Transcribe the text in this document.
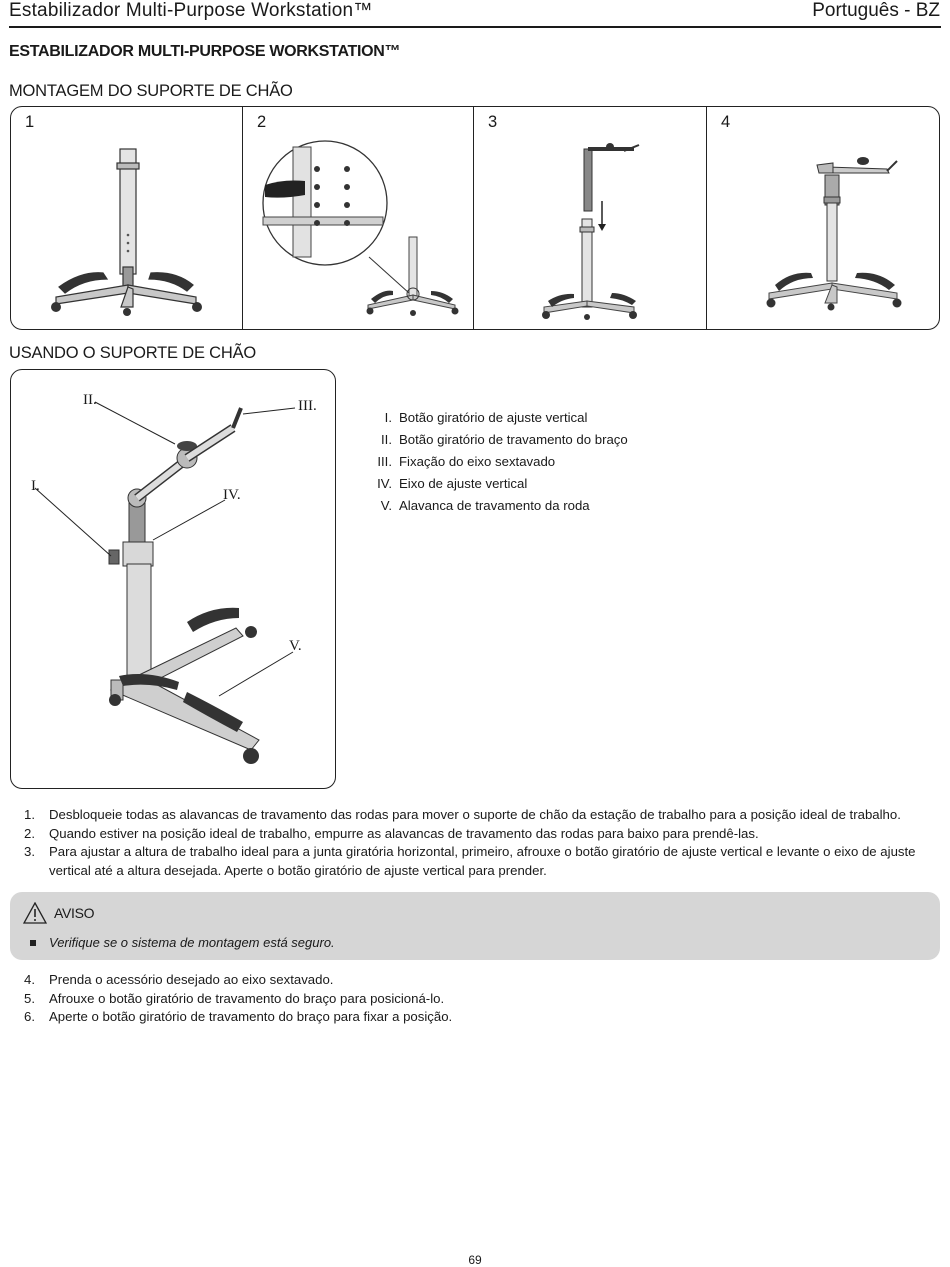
Estabilizador Multi-Purpose Workstation™	Português - BZ
ESTABILIZADOR MULTI-PURPOSE WORKSTATION™
MONTAGEM DO SUPORTE DE CHÃO
1	2	3	4
USANDO O SUPORTE DE CHÃO
I.
II.	III.
IV.
V.
I. Botão giratório de ajuste vertical
II. Botão giratório de travamento do braço
III. Fixação do eixo sextavado
IV. Eixo de ajuste vertical
V. Alavanca de travamento da roda
1.	Desbloqueie todas as alavancas de travamento das rodas para mover o suporte de chão da estação de trabalho para a posição ideal de trabalho.
2.	Quando estiver na posição ideal de trabalho, empurre as alavancas de travamento das rodas para baixo para prendê-las.
3.	Para ajustar a altura de trabalho ideal para a junta giratória horizontal, primeiro, afrouxe o botão giratório de ajuste vertical e levante o eixo de ajuste vertical até a altura desejada. Aperte o botão giratório de ajuste vertical para prender.
AVISO
Verifique se o sistema de montagem está seguro.
4.	Prenda o acessório desejado ao eixo sextavado.
5.	Afrouxe o botão giratório de travamento do braço para posicioná-lo.
6.	Aperte o botão giratório de travamento do braço para fixar a posição.
69
